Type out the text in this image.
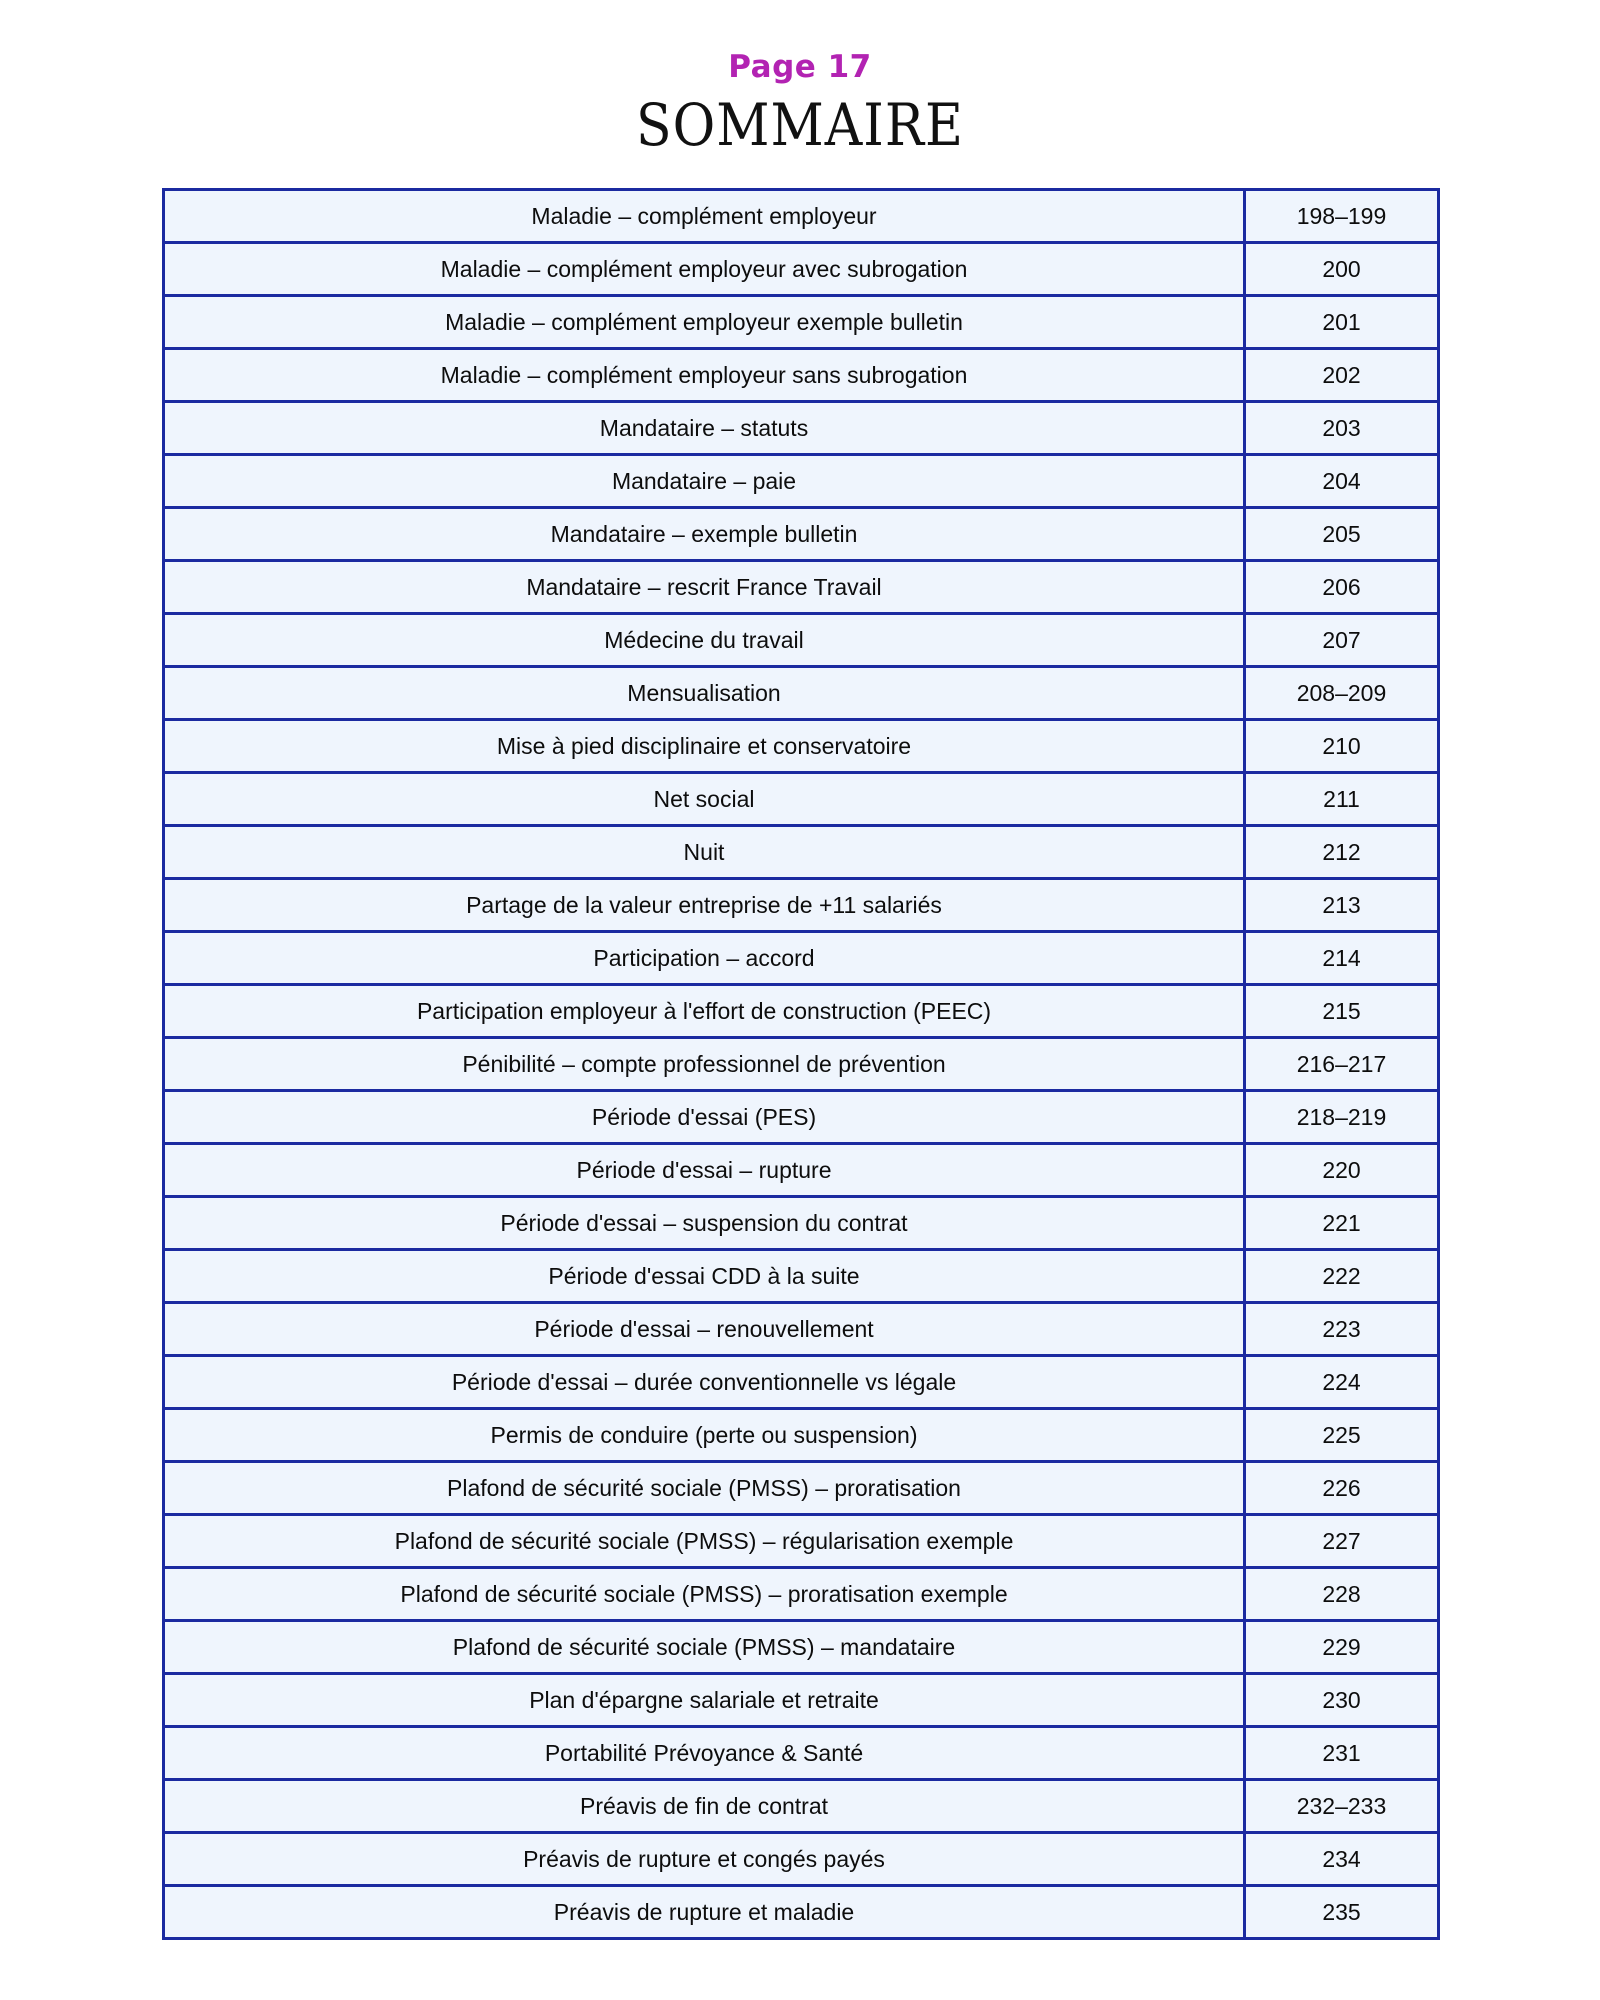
Page 17
SOMMAIRE
Maladie – complément employeur	198–199
Maladie – complément employeur avec subrogation	200
Maladie – complément employeur exemple bulletin	201
Maladie – complément employeur sans subrogation	202
Mandataire – statuts	203
Mandataire – paie	204
Mandataire – exemple bulletin	205
Mandataire – rescrit France Travail	206
Médecine du travail	207
Mensualisation	208–209
Mise à pied disciplinaire et conservatoire	210
Net social	211
Nuit	212
Partage de la valeur entreprise de +11 salariés	213
Participation – accord	214
Participation employeur à l'effort de construction (PEEC)	215
Pénibilité – compte professionnel de prévention	216–217
Période d'essai (PES)	218–219
Période d'essai – rupture	220
Période d'essai – suspension du contrat	221
Période d'essai CDD à la suite	222
Période d'essai – renouvellement	223
Période d'essai – durée conventionnelle vs légale	224
Permis de conduire (perte ou suspension)	225
Plafond de sécurité sociale (PMSS) – proratisation	226
Plafond de sécurité sociale (PMSS) – régularisation exemple	227
Plafond de sécurité sociale (PMSS) – proratisation exemple	228
Plafond de sécurité sociale (PMSS) – mandataire	229
Plan d'épargne salariale et retraite	230
Portabilité Prévoyance & Santé	231
Préavis de fin de contrat	232–233
Préavis de rupture et congés payés	234
Préavis de rupture et maladie	235
